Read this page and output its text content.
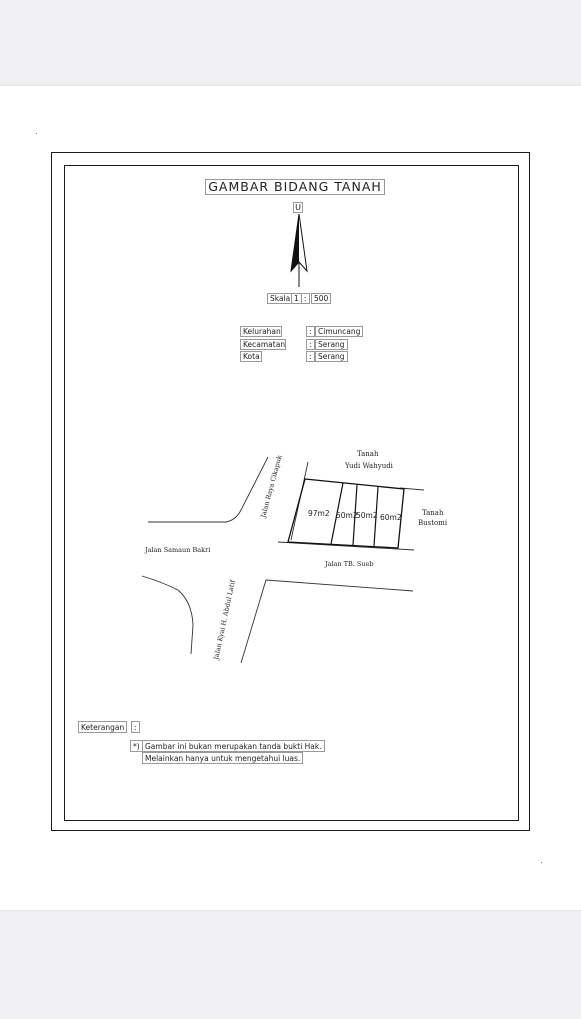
GAMBAR BIDANG TANAH
U
Skala 1 : 500
Kelurahan	: Cimuncang
Kecamatan	: Serang
Kota	: Serang
97m2 50m2
50m2 60m2
Tanah
Yudi Wahyudi
Tanah
Bustomi
Jalan Raya Cikapuk
Jalan Samaun Bakri
Jalan TB. Sueb
Jalan Kyai H. Abdul Latif
Keterangan	:
*) Gambar ini bukan merupakan tanda bukti Hak.
Melainkan hanya untuk mengetahui luas.
